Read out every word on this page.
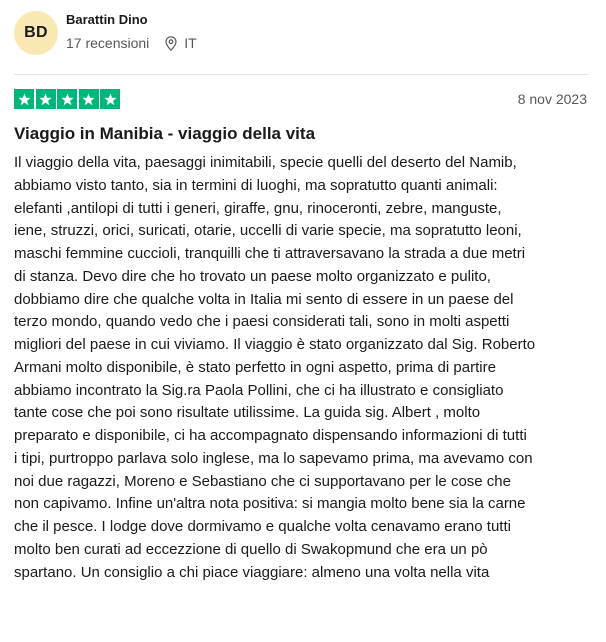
BD
Barattin Dino
17 recensioni	IT
8 nov 2023
Viaggio in Manibia - viaggio della vita
Il viaggio della vita, paesaggi inimitabili, specie quelli del deserto del Namib,
abbiamo visto tanto, sia in termini di luoghi, ma sopratutto quanti animali:
elefanti ,antilopi di tutti i generi, giraffe, gnu, rinoceronti, zebre, manguste,
iene, struzzi, orici, suricati, otarie, uccelli di varie specie, ma sopratutto leoni,
maschi femmine cuccioli, tranquilli che ti attraversavano la strada a due metri
di stanza. Devo dire che ho trovato un paese molto organizzato e pulito,
dobbiamo dire che qualche volta in Italia mi sento di essere in un paese del
terzo mondo, quando vedo che i paesi considerati tali, sono in molti aspetti
migliori del paese in cui viviamo. Il viaggio è stato organizzato dal Sig. Roberto
Armani molto disponibile, è stato perfetto in ogni aspetto, prima di partire
abbiamo incontrato la Sig.ra Paola Pollini, che ci ha illustrato e consigliato
tante cose che poi sono risultate utilissime. La guida sig. Albert , molto
preparato e disponibile, ci ha accompagnato dispensando informazioni di tutti
i tipi, purtroppo parlava solo inglese, ma lo sapevamo prima, ma avevamo con
noi due ragazzi, Moreno e Sebastiano che ci supportavano per le cose che
non capivamo. Infine un'altra nota positiva: si mangia molto bene sia la carne
che il pesce. I lodge dove dormivamo e qualche volta cenavamo erano tutti
molto ben curati ad eccezzione di quello di Swakopmund che era un pò
spartano. Un consiglio a chi piace viaggiare: almeno una volta nella vita
